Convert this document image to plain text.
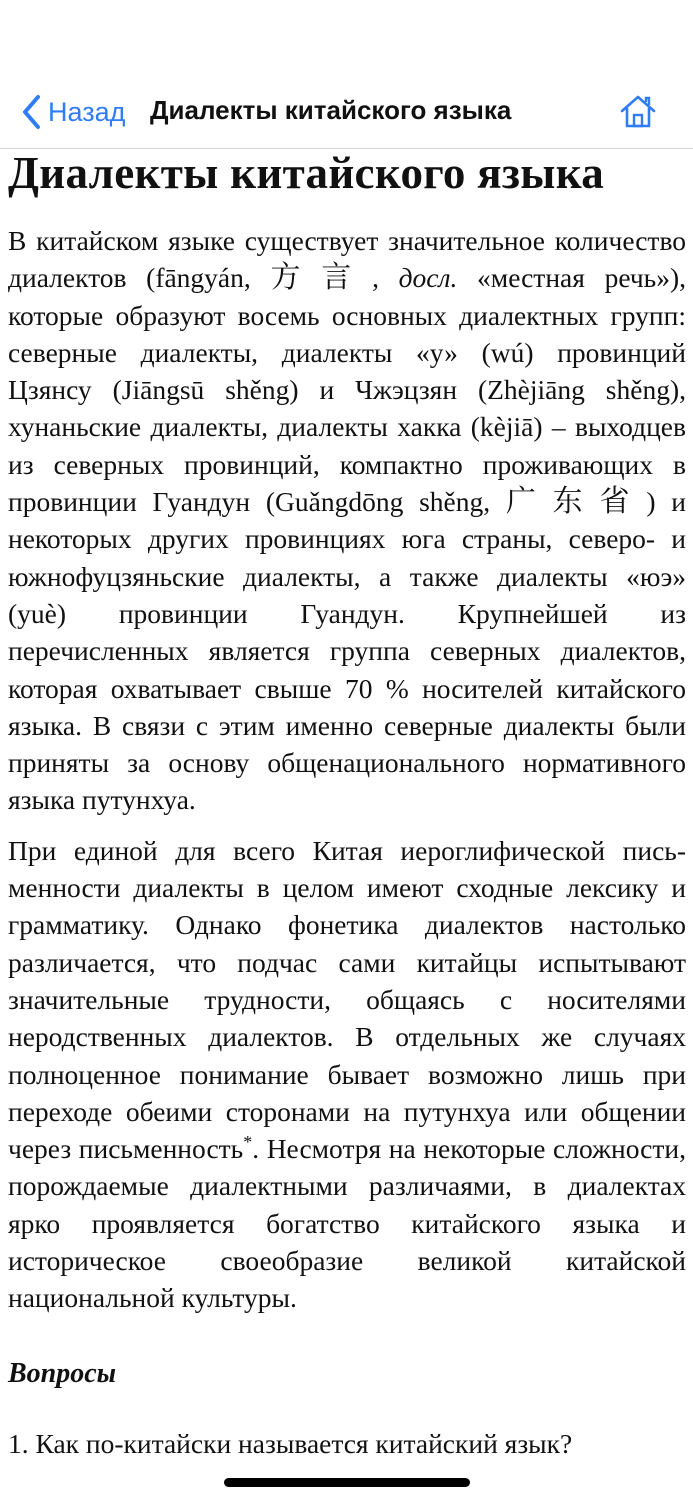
Назад Диалекты китайского языка
Диалекты китайского языка

В китайском языке существует значительное количество диалектов (fāngyán, 方言, досл. «местная речь»), которые образуют восемь основных диалектных групп: северные диалекты, диалекты «у» (wú) провинций Цзянсу (Jiāngsū shěng) и Чжэцзян (Zhèjiāng shěng), хунаньские диалекты, диалекты хакка (kèjiā) – выходцев из северных провинций, компактно проживающих в провинции Гуандун (Guǎngdōng shěng, 广东省) и некоторых других провинциях юга страны, северо- и южнофуцзяньские диалекты, а также диалекты «юэ» (yuè) провинции Гуандун. Крупнейшей из перечисленных является группа северных диалектов, которая охватывает свыше 70 % носителей китайского языка. В связи с этим именно северные диалекты были приняты за основу общенационального нормативного языка путунхуа.

При единой для всего Китая иероглифической письменности диалекты в целом имеют сходные лексику и грамматику. Однако фонетика диалектов настолько различается, что подчас сами китайцы испытывают значительные трудности, общаясь с носителями неродственных диалектов. В отдельных же случаях полноценное понимание бывает возможно лишь при переходе обеими сторонами на путунхуа или общении через письменность*. Несмотря на некоторые сложности, порождаемые диалектными различаями, в диалектах ярко проявляется богатство китайского языка и историческое своеобразие великой китайской национальной культуры.

Вопросы
1. Как по-китайски называется китайский язык?
